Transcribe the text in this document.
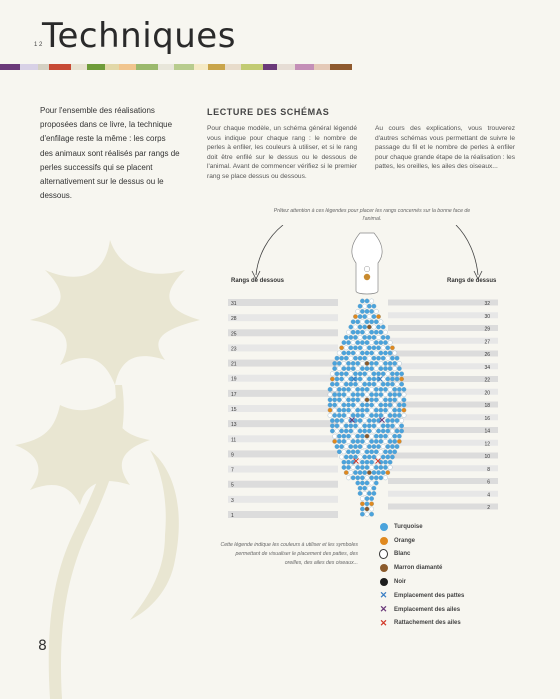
1 2 Techniques

Pour l'ensemble des réalisations proposées dans ce livre, la technique d'enfilage reste la même : les corps des animaux sont réalisés par rangs de perles successifs qui se placent alternativement sur le dessus ou le dessous.

LECTURE DES SCHÉMAS
Pour chaque modèle, un schéma général légendé vous indique pour chaque rang : le nombre de perles à enfiler, les couleurs à utiliser, et si le rang doit être enfilé sur le dessus ou le dessous de l'animal. Avant de commencer vérifiez si le premier rang se place dessus ou dessous.
Au cours des explications, vous trouverez d'autres schémas vous permettant de suivre le passage du fil et le nombre de perles à enfiler pour chaque grande étape de la réalisation : les pattes, les oreilles, les ailes des oiseaux...
Prêtez attention à ces légendes pour placer les rangs concernés sur la bonne face de l'animal.
Rangs de dessous	Rangs de dessus
31
28
25
23
21
19
17
15
13
11
9
7
5
3
1
32
30
29
27
26
34
22
20
18
16
14
12
10
8
6
4
2
Cette légende indique les couleurs à utiliser et les symboles permettant de visualiser le placement des pattes, des oreilles, des ailes des oiseaux...
Turquoise
Orange
Blanc
Marron diamanté
Noir
✕ Emplacement des pattes
✕ Emplacement des ailes
✕ Rattachement des ailes
8
